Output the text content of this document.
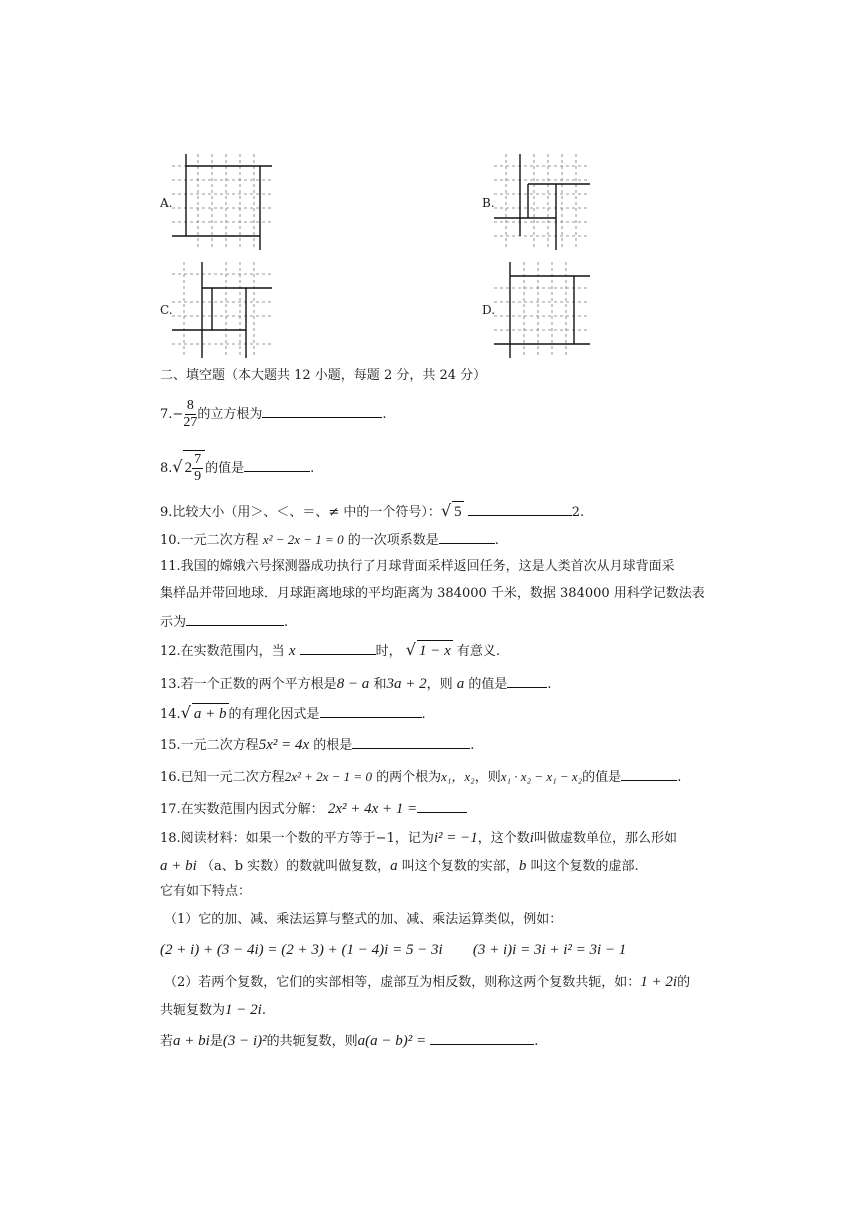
A.	B.
C.	D.
二、填空题（本大题共 12 小题，每题 2 分，共 24 分）
$7.- \frac{8}{27}$ 的立方根为	.
8.√ $2 \frac{7}{9}$ 的值是	.
9.比较大小（用＞、＜、＝、≠ 中的一个符号）：√ 5	2.
10.一元二次方程 x² − 2x − 1 = 0 的一次项系数是	.
11.我国的嫦娥六号探测器成功执行了月球背面采样返回任务，这是人类首次从月球背面采
集样品并带回地球．月球距离地球的平均距离为 384000 千米，数据 384000 用科学记数法表
示为	.
12.在实数范围内，当 x	时， √ 1 − x 有意义.
13.若一个正数的两个平方根是8 − a 和3a + 2，则 a 的值是	.
14.√ a + b 的有理化因式是	.
15.一元二次方程5x² = 4x 的根是	.
16.已知一元二次方程2x² + 2x − 1 = 0 的两个根为x₁，x₂，则x₁ · x₂ − x₁ − x₂的值是	.
17.在实数范围内因式分解： 2x² + 4x + 1 =
18.阅读材料：如果一个数的平方等于−1，记为i² = −1，这个数i叫做虚数单位，那么形如
a + bi （a、b 实数）的数就叫做复数，a 叫这个复数的实部，b 叫这个复数的虚部.
它有如下特点：
（1）它的加、减、乘法运算与整式的加、减、乘法运算类似，例如：
(2 + i) + (3 − 4i) = (2 + 3) + (1 − 4)i = 5 − 3i (3 + i)i = 3i + i² = 3i − 1
（2）若两个复数，它们的实部相等，虚部互为相反数，则称这两个复数共轭，如：1 + 2i的
共轭复数为1 − 2i.
若a + bi是(3 − i)²的共轭复数，则a(a − b)² =	.
